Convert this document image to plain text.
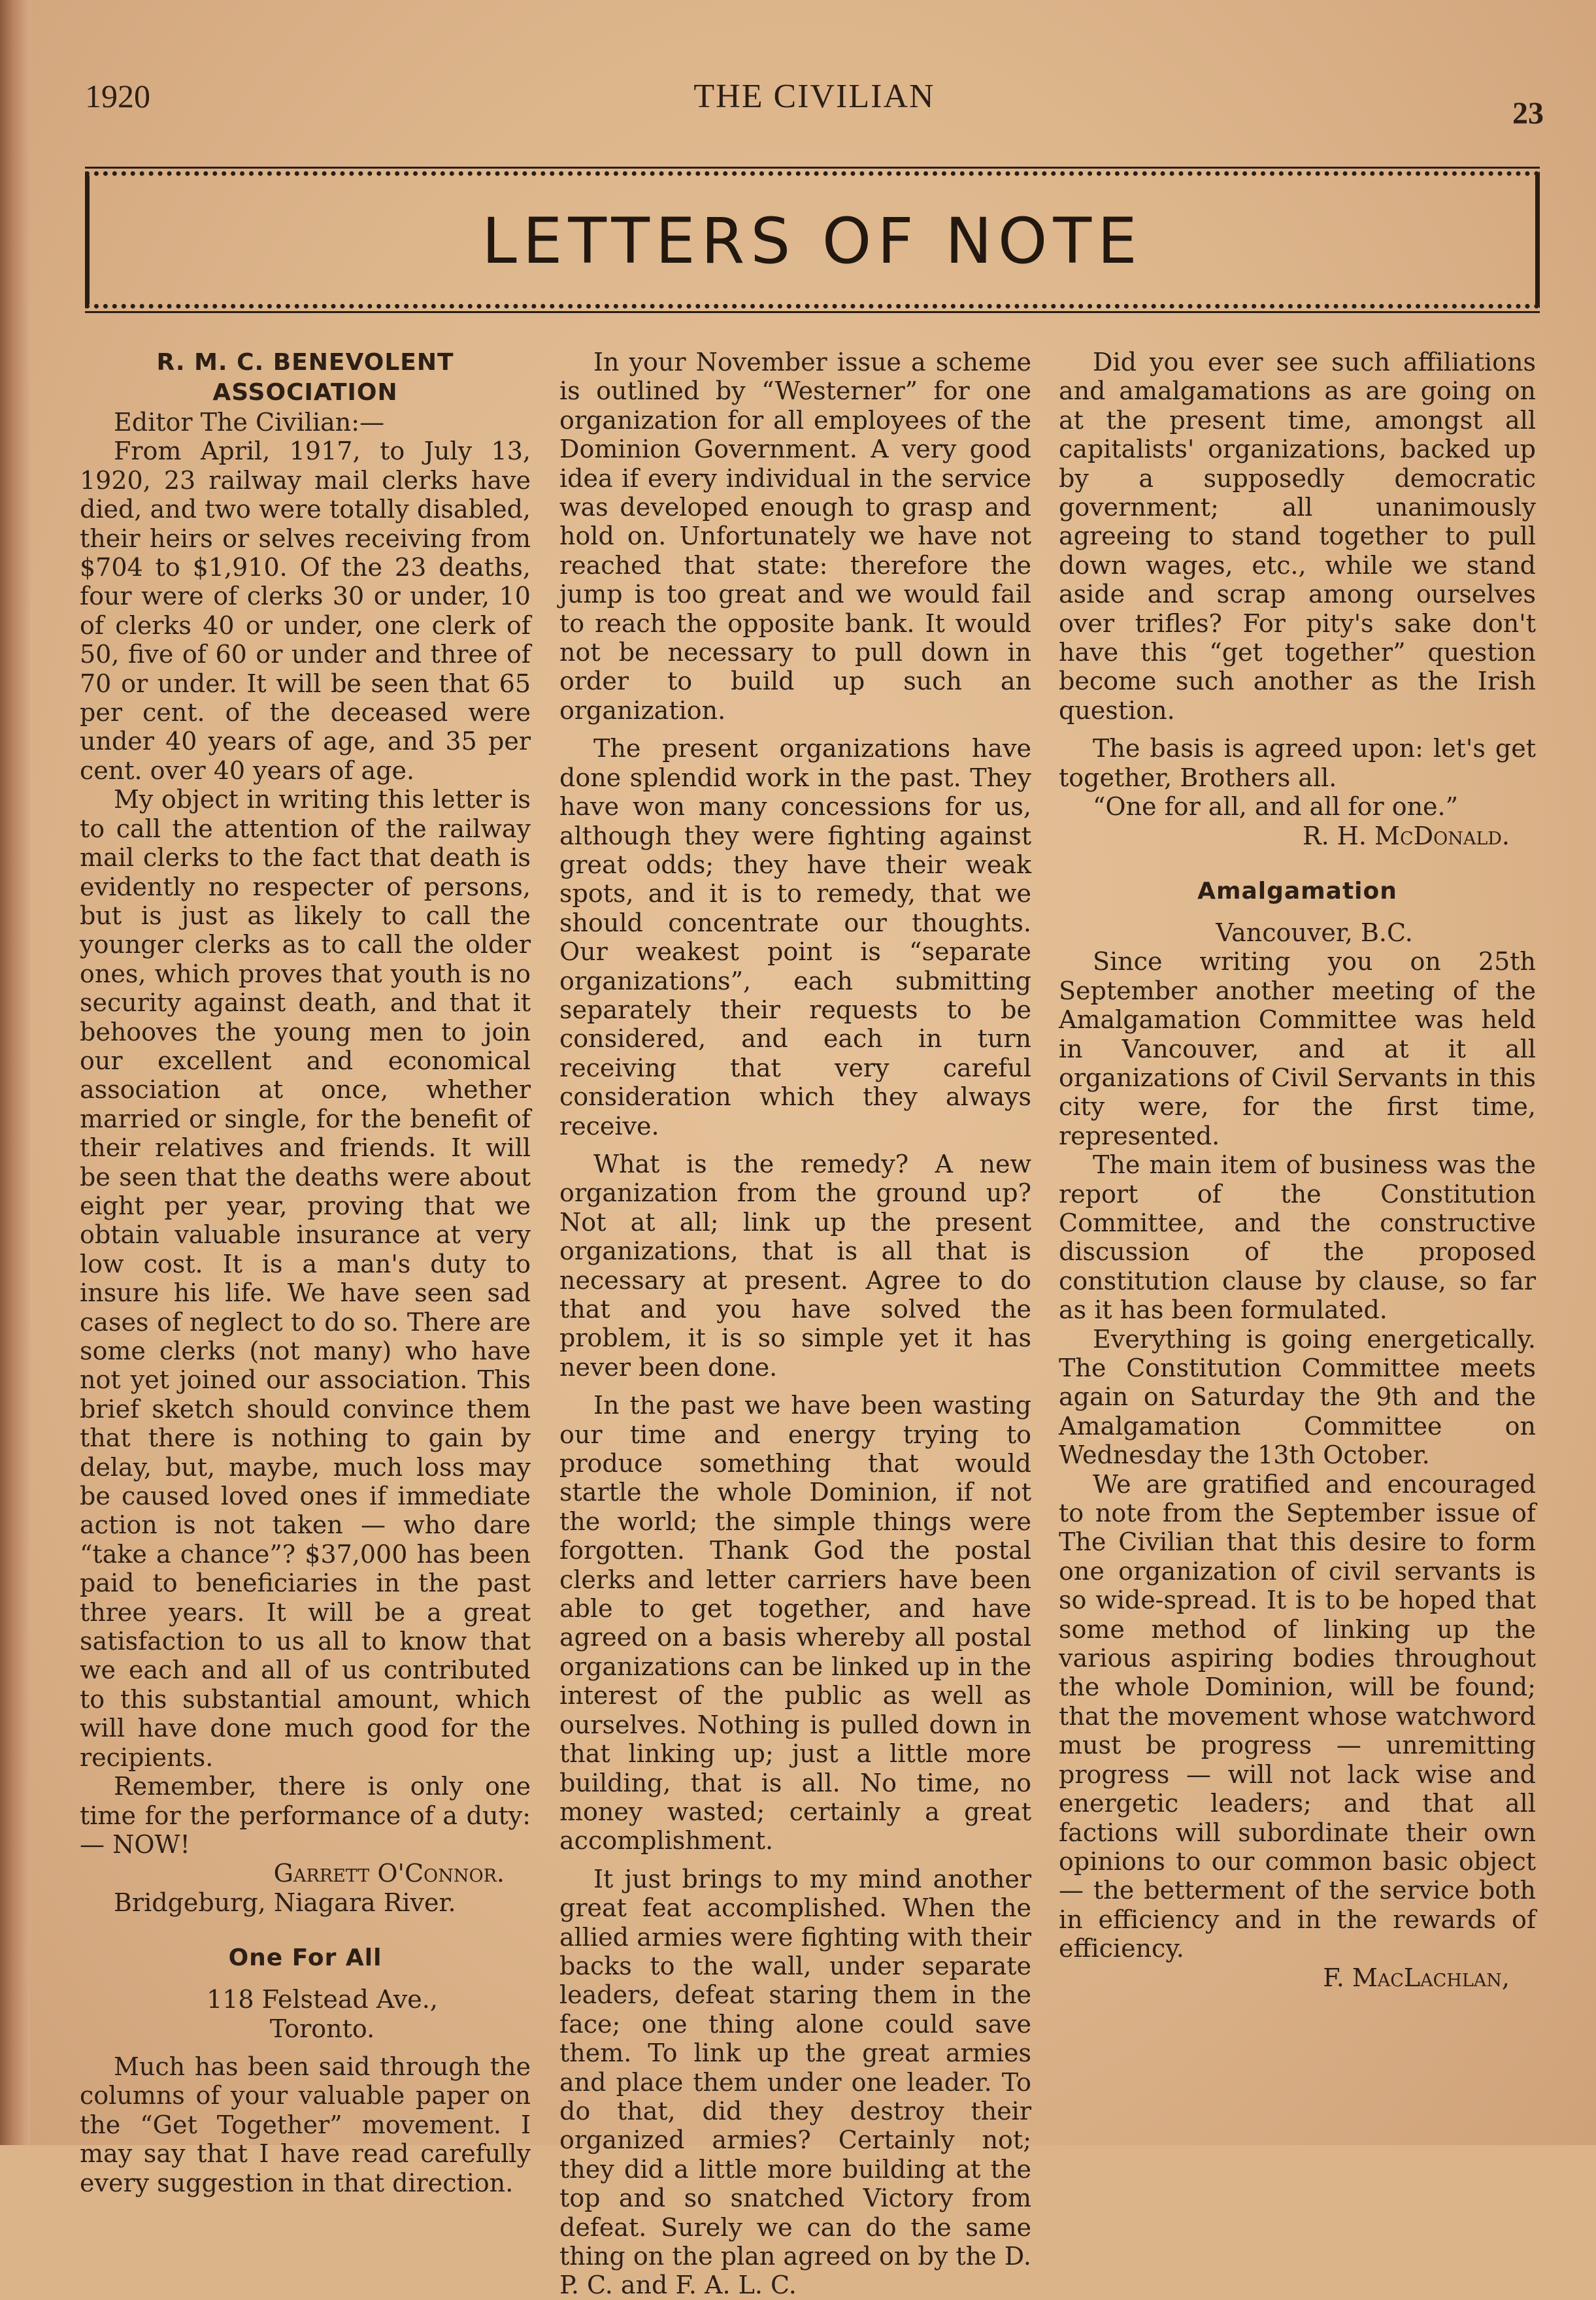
1920	THE CIVILIAN	23
LETTERS OF NOTE
R. M. C. BENEVOLENT ASSOCIATION

Editor The Civilian:—

From April, 1917, to July 13, 1920, 23 railway mail clerks have died, and two were totally disabled, their heirs or selves receiving from $704 to $1,910. Of the 23 deaths, four were of clerks 30 or under, 10 of clerks 40 or under, one clerk of 50, five of 60 or under and three of 70 or under. It will be seen that 65 per cent. of the deceased were under 40 years of age, and 35 per cent. over 40 years of age.

My object in writing this letter is to call the attention of the railway mail clerks to the fact that death is evidently no respecter of persons, but is just as likely to call the younger clerks as to call the older ones, which proves that youth is no security against death, and that it behooves the young men to join our excellent and economical association at once, whether married or single, for the benefit of their relatives and friends. It will be seen that the deaths were about eight per year, proving that we obtain valuable insurance at very low cost. It is a man's duty to insure his life. We have seen sad cases of neglect to do so. There are some clerks (not many) who have not yet joined our association. This brief sketch should convince them that there is nothing to gain by delay, but, maybe, much loss may be caused loved ones if immediate action is not taken — who dare “take a chance”? $37,000 has been paid to beneficiaries in the past three years. It will be a great satisfaction to us all to know that we each and all of us contributed to this substantial amount, which will have done much good for the recipients.

Remember, there is only one time for the performance of a duty: — NOW!

Garrett O'Connor.

Bridgeburg, Niagara River.

One For All

118 Felstead Ave.,

Toronto.

Much has been said through the columns of your valuable paper on the “Get Together” movement. I may say that I have read carefully every suggestion in that direction.

In your November issue a scheme is outlined by “Westerner” for one organization for all employees of the Dominion Government. A very good idea if every individual in the service was developed enough to grasp and hold on. Unfortunately we have not reached that state: therefore the jump is too great and we would fail to reach the opposite bank. It would not be necessary to pull down in order to build up such an organization.

The present organizations have done splendid work in the past. They have won many concessions for us, although they were fighting against great odds; they have their weak spots, and it is to remedy, that we should concentrate our thoughts. Our weakest point is “separate organizations”, each submitting separately their requests to be considered, and each in turn receiving that very careful consideration which they always receive.

What is the remedy? A new organization from the ground up? Not at all; link up the present organizations, that is all that is necessary at present. Agree to do that and you have solved the problem, it is so simple yet it has never been done.

In the past we have been wasting our time and energy trying to produce something that would startle the whole Dominion, if not the world; the simple things were forgotten. Thank God the postal clerks and letter carriers have been able to get together, and have agreed on a basis whereby all postal organizations can be linked up in the interest of the public as well as ourselves. Nothing is pulled down in that linking up; just a little more building, that is all. No time, no money wasted; certainly a great accomplishment.

It just brings to my mind another great feat accomplished. When the allied armies were fighting with their backs to the wall, under separate leaders, defeat staring them in the face; one thing alone could save them. To link up the great armies and place them under one leader. To do that, did they destroy their organized armies? Certainly not; they did a little more building at the top and so snatched Victory from defeat. Surely we can do the same thing on the plan agreed on by the D. P. C. and F. A. L. C.

Did you ever see such affiliations and amalgamations as are going on at the present time, amongst all capitalists' organizations, backed up by a supposedly democratic government; all unanimously agreeing to stand together to pull down wages, etc., while we stand aside and scrap among ourselves over trifles? For pity's sake don't have this “get together” question become such another as the Irish question.

The basis is agreed upon: let's get together, Brothers all.

“One for all, and all for one.”

R. H. McDonald.

Amalgamation

Vancouver, B.C.

Since writing you on 25th September another meeting of the Amalgamation Committee was held in Vancouver, and at it all organizations of Civil Servants in this city were, for the first time, represented.

The main item of business was the report of the Constitution Committee, and the constructive discussion of the proposed constitution clause by clause, so far as it has been formulated.

Everything is going energetically. The Constitution Committee meets again on Saturday the 9th and the Amalgamation Committee on Wednesday the 13th October.

We are gratified and encouraged to note from the September issue of The Civilian that this desire to form one organization of civil servants is so wide-spread. It is to be hoped that some method of linking up the various aspiring bodies throughout the whole Dominion, will be found; that the movement whose watchword must be progress — unremitting progress — will not lack wise and energetic leaders; and that all factions will subordinate their own opinions to our common basic object — the betterment of the service both in efficiency and in the rewards of efficiency.

F. MacLachlan,
